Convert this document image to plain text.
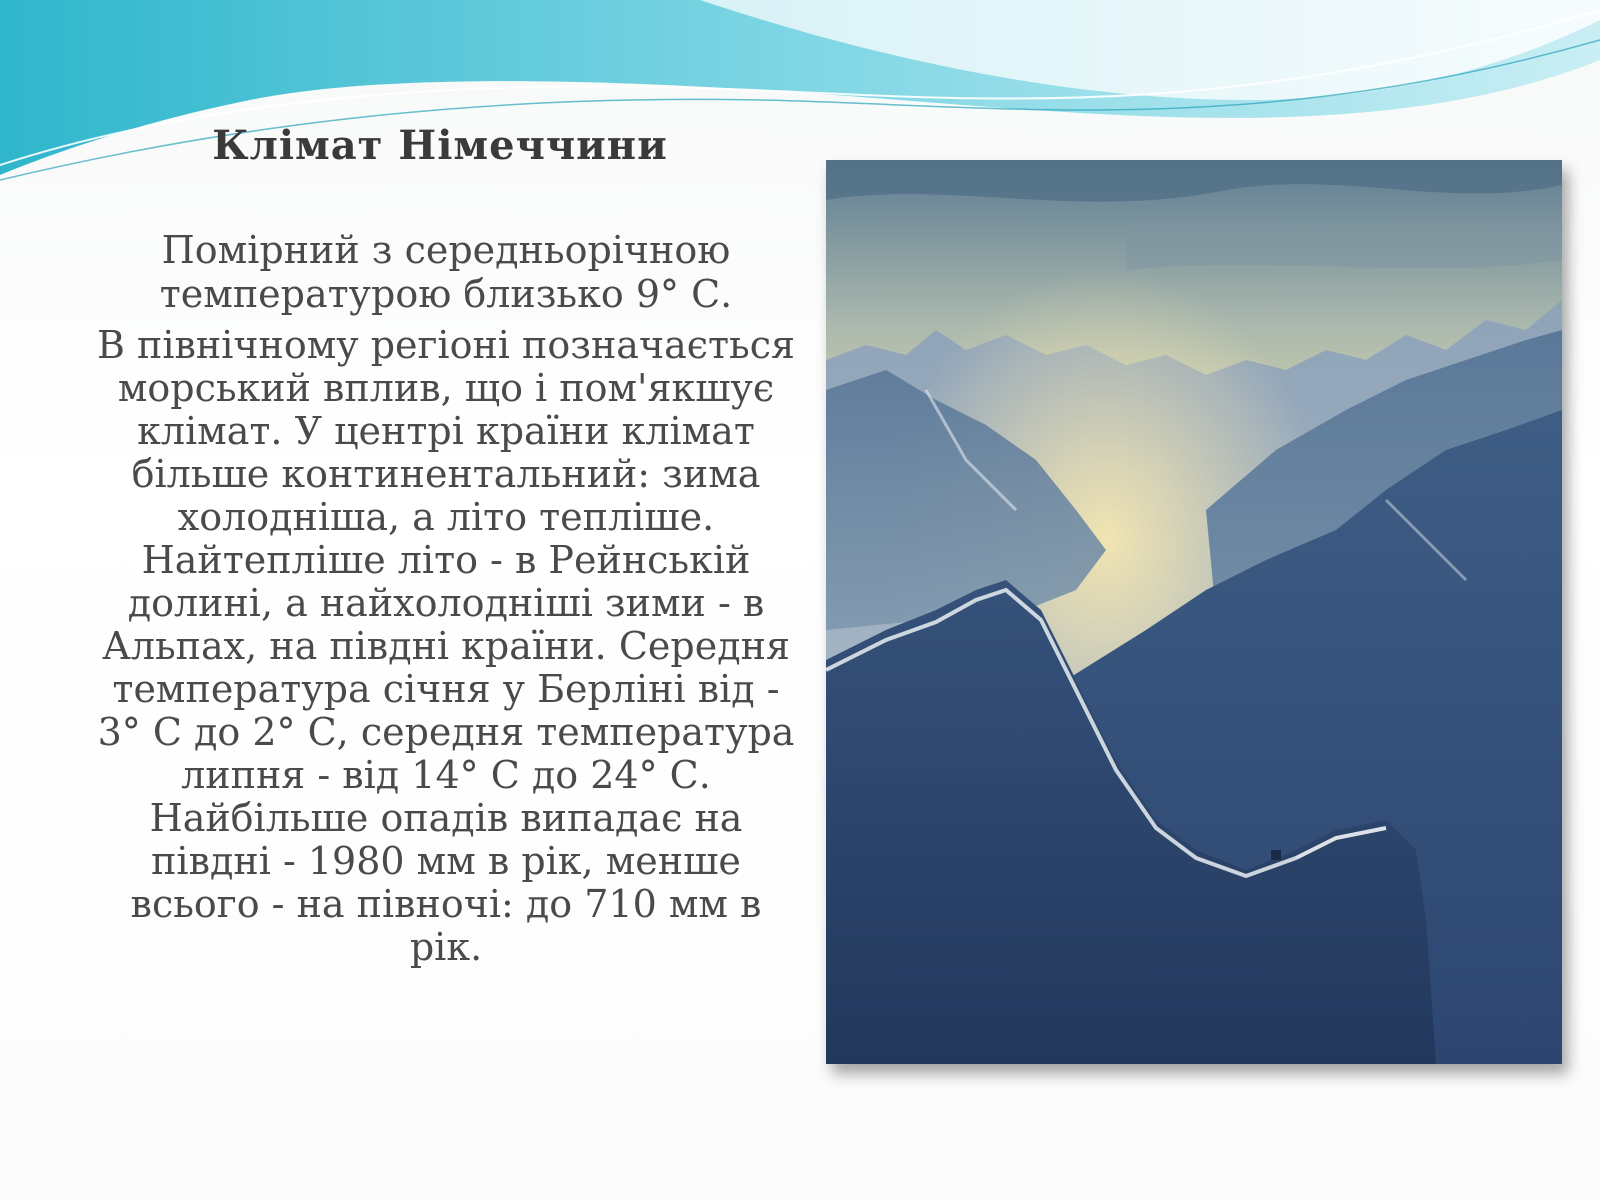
Клімат Німеччини

Помірний з середньорічною температурою близько 9° С.

В північному регіоні позначається морський вплив, що і пом'якшує клімат. У центрі країни клімат більше континентальний: зима холодніша, а літо тепліше. Найтепліше літо - в Рейнській долині, а найхолодніші зими - в Альпах, на півдні країни. Середня температура січня у Берліні від - 3° С до 2° С, середня температура липня - від 14° С до 24° С. Найбільше опадів випадає на півдні - 1980 мм в рік, менше всього - на півночі: до 710 мм в рік.
